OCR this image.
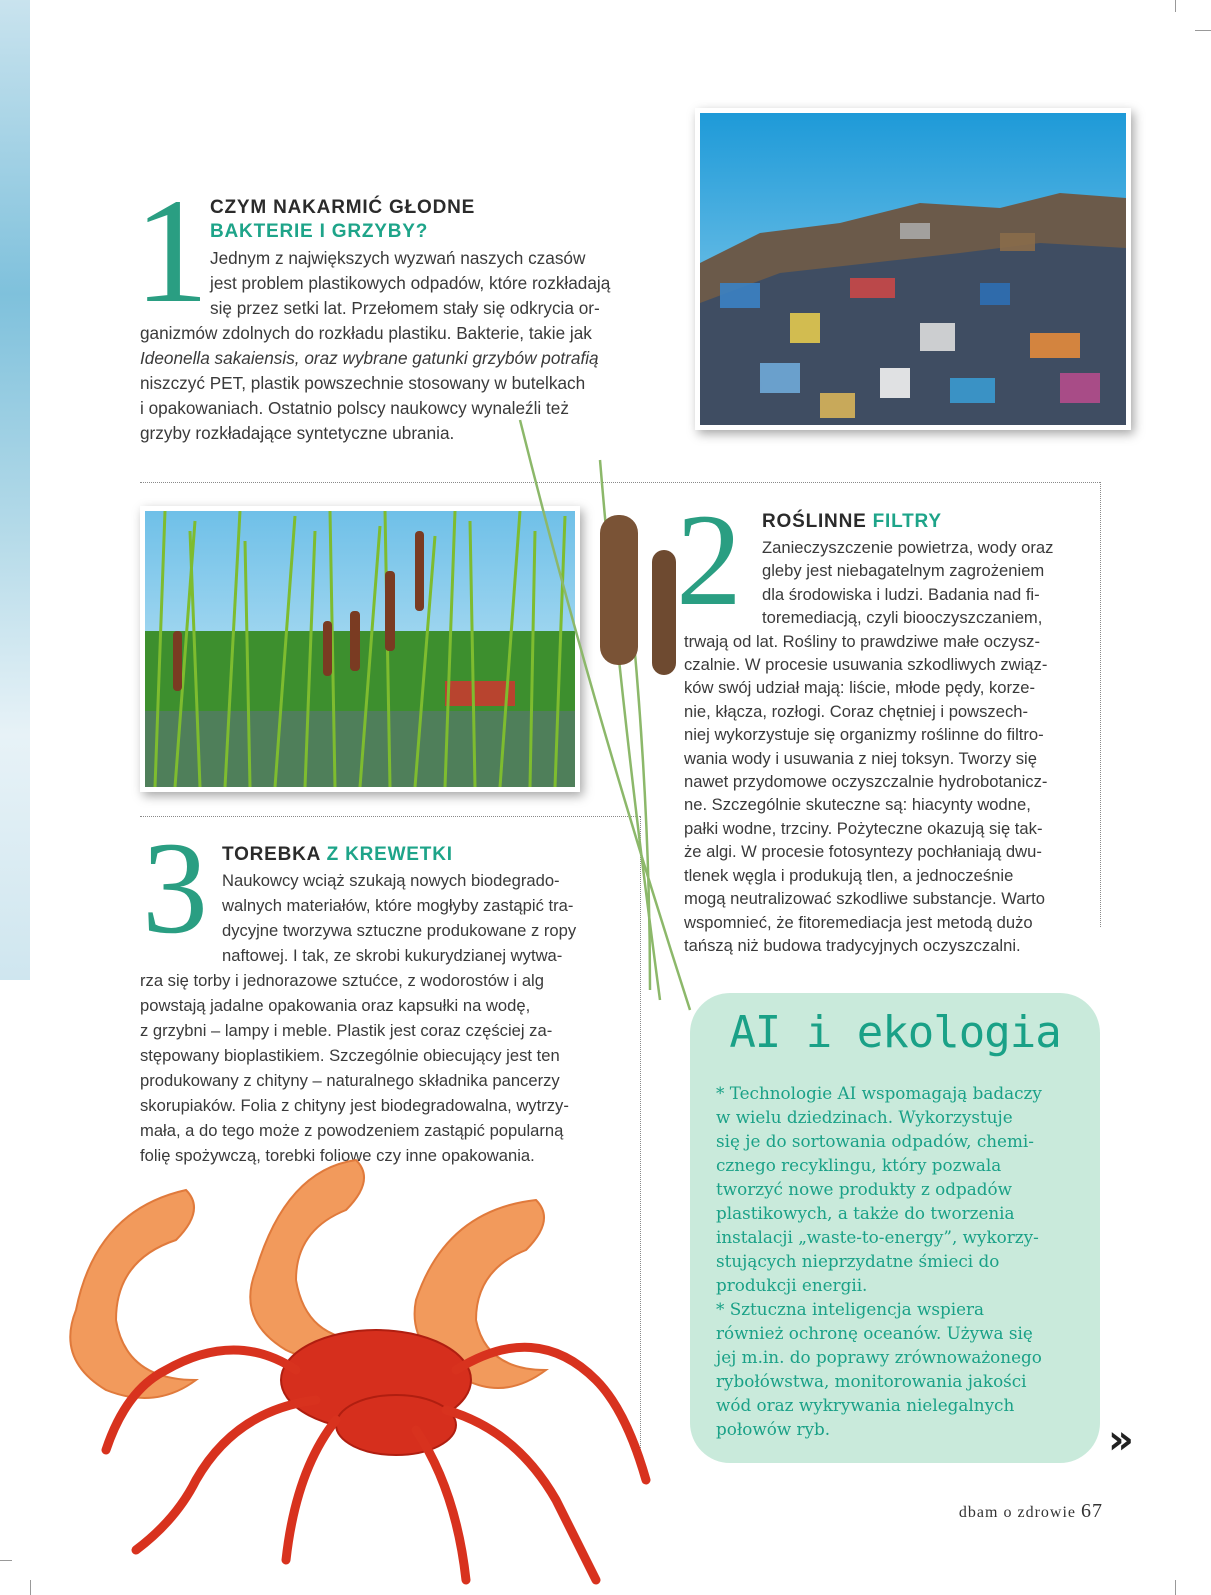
1 CZYM NAKARMIĆ GŁODNE
BAKTERIE I GRZYBY?

Jednym z największych wyzwań naszych czasów

jest problem plastikowych odpadów, które rozkładają

się przez setki lat. Przełomem stały się odkrycia or-

ganizmów zdolnych do rozkładu plastiku. Bakterie, takie jak

Ideonella sakaiensis, oraz wybrane gatunki grzybów potrafią

niszczyć PET, plastik powszechnie stosowany w butelkach

i opakowaniach. Ostatnio polscy naukowcy wynaleźli też

grzyby rozkładające syntetyczne ubrania.

2 ROŚLINNE FILTRY

Zanieczyszczenie powietrza, wody oraz

gleby jest niebagatelnym zagrożeniem

dla środowiska i ludzi. Badania nad fi-

toremediacją, czyli biooczyszczaniem,

trwają od lat. Rośliny to prawdziwe małe oczysz-

czalnie. W procesie usuwania szkodliwych związ-

ków swój udział mają: liście, młode pędy, korze-

nie, kłącza, rozłogi. Coraz chętniej i powszech-

niej wykorzystuje się organizmy roślinne do filtro-

wania wody i usuwania z niej toksyn. Tworzy się

nawet przydomowe oczyszczalnie hydrobotanicz-

ne. Szczególnie skuteczne są: hiacynty wodne,

pałki wodne, trzciny. Pożyteczne okazują się tak-

że algi. W procesie fotosyntezy pochłaniają dwu-

tlenek węgla i produkują tlen, a jednocześnie

mogą neutralizować szkodliwe substancje. Warto

wspomnieć, że fitoremediacja jest metodą dużo

tańszą niż budowa tradycyjnych oczyszczalni.

3 TOREBKA Z KREWETKI

Naukowcy wciąż szukają nowych biodegrado-

walnych materiałów, które mogłyby zastąpić tra-

dycyjne tworzywa sztuczne produkowane z ropy

naftowej. I tak, ze skrobi kukurydzianej wytwa-

rza się torby i jednorazowe sztućce, z wodorostów i alg

powstają jadalne opakowania oraz kapsułki na wodę,

z grzybni – lampy i meble. Plastik jest coraz częściej za-

stępowany bioplastikiem. Szczególnie obiecujący jest ten

produkowany z chityny – naturalnego składnika pancerzy

skorupiaków. Folia z chityny jest biodegradowalna, wytrzy-

mała, a do tego może z powodzeniem zastąpić popularną

folię spożywczą, torebki foliowe czy inne opakowania.

AI i ekologia

* Technologie AI wspomagają badaczy

w wielu dziedzinach. Wykorzystuje

się je do sortowania odpadów, chemi-

cznego recyklingu, który pozwala

tworzyć nowe produkty z odpadów

plastikowych, a także do tworzenia

instalacji „waste-to-energy”, wykorzy-

stujących nieprzydatne śmieci do

produkcji energii.

* Sztuczna inteligencja wspiera

również ochronę oceanów. Używa się

jej m.in. do poprawy zrównoważonego

rybołówstwa, monitorowania jakości

wód oraz wykrywania nielegalnych

połowów ryb.	»
dbam o zdrowie 67
